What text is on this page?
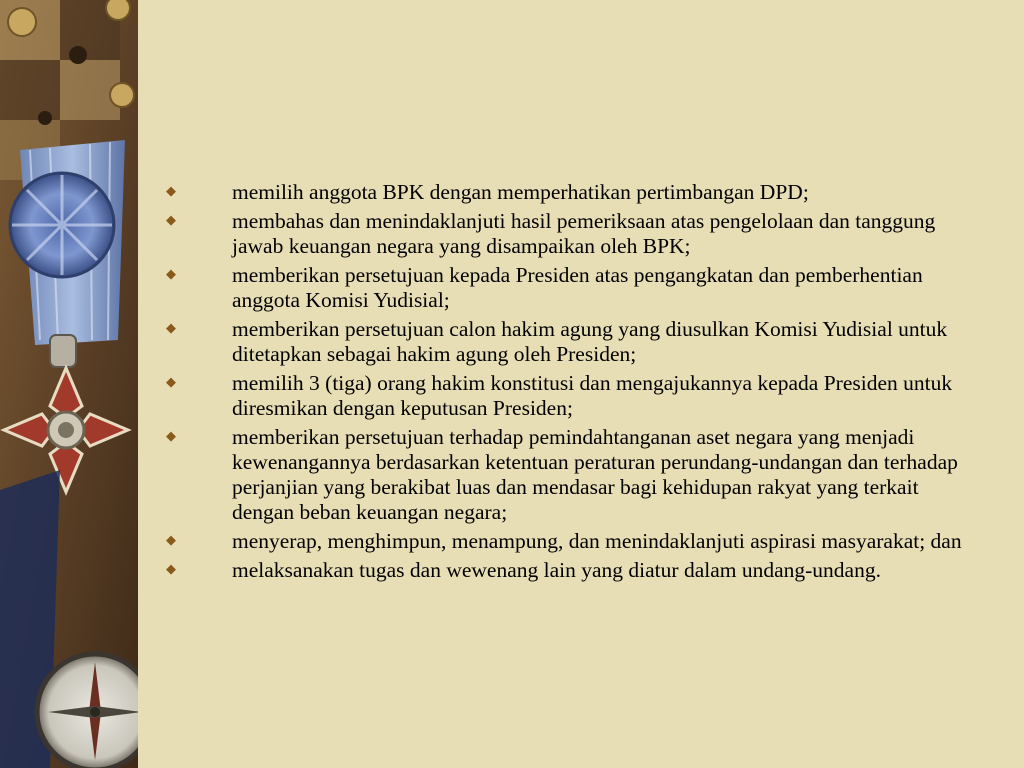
◆	memilih anggota BPK dengan memperhatikan pertimbangan DPD;
◆	membahas dan menindaklanjuti hasil pemeriksaan atas pengelolaan dan tanggung jawab keuangan negara yang disampaikan oleh BPK;
◆	memberikan persetujuan kepada Presiden atas pengangkatan dan pemberhentian anggota Komisi Yudisial;
◆	memberikan persetujuan calon hakim agung yang diusulkan Komisi Yudisial untuk ditetapkan sebagai hakim agung oleh Presiden;
◆	memilih 3 (tiga) orang hakim konstitusi dan mengajukannya kepada Presiden untuk diresmikan dengan keputusan Presiden;
◆	memberikan persetujuan terhadap pemindahtanganan aset negara yang menjadi kewenangannya berdasarkan ketentuan peraturan perundang-undangan dan terhadap perjanjian yang berakibat luas dan mendasar bagi kehidupan rakyat yang terkait dengan beban keuangan negara;
◆	menyerap, menghimpun, menampung, dan menindaklanjuti aspirasi masyarakat; dan
◆	melaksanakan tugas dan wewenang lain yang diatur dalam undang-undang.
